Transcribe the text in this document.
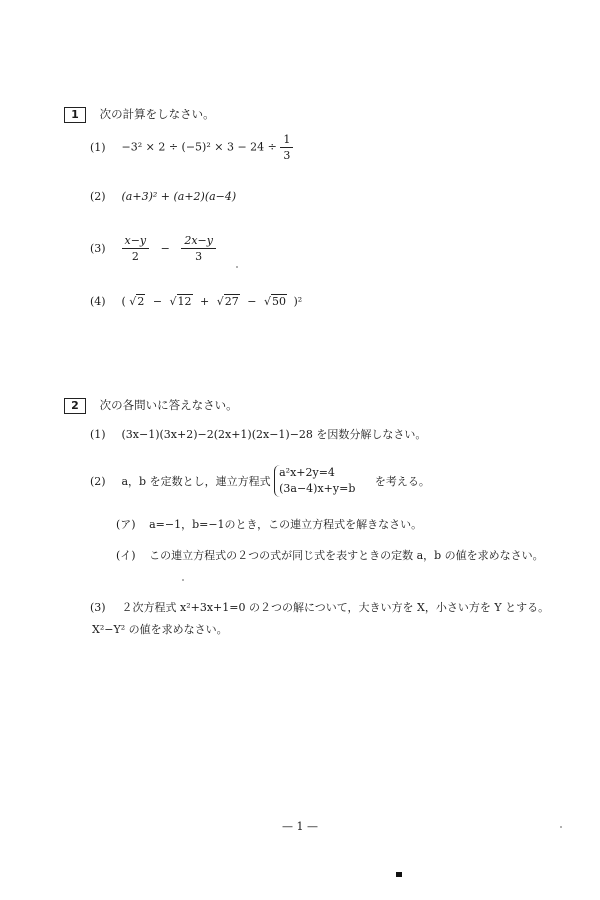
1 次の計算をしなさい。
$(1) -3^2 \times 2 \div (-5)^2 \times 3 - 24 \div \frac{1}{3}$
(2) (a+3)² + (a+2)(a−4)
$(3) \frac{x-y}{2} - \frac{2x-y}{3}$
(4) ( √2 − √12 + √27 − √50 )²
2 次の各問いに答えなさい。
(1) (3x−1)(3x+2)−2(2x+1)(2x−1)−28 を因数分解しなさい。
(2) a，b を定数とし，連立方程式
a²x+2y=4
(3a−4)x+y=b
を考える。
(ア) a=−1，b=−1のとき，この連立方程式を解きなさい。
(イ) この連立方程式の２つの式が同じ式を表すときの定数 a，b の値を求めなさい。
(3) ２次方程式 x²+3x+1=0 の２つの解について，大きい方を X，小さい方を Y とする。
X²−Y² の値を求めなさい。
— 1 —
